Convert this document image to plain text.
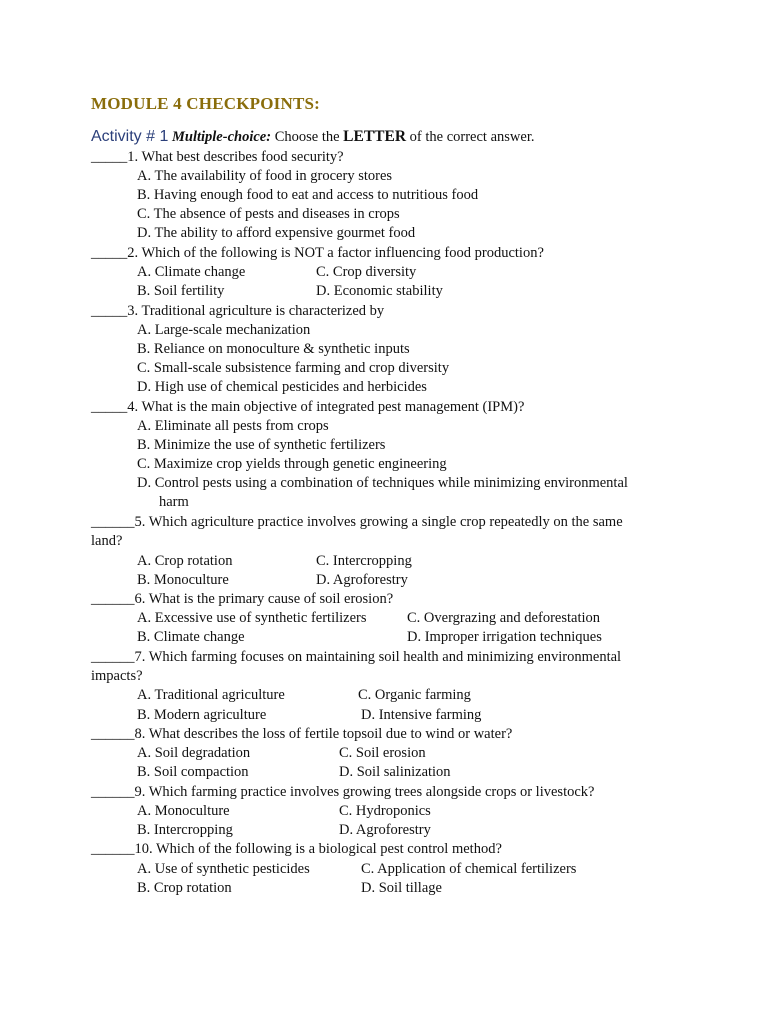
MODULE 4 CHECKPOINTS:
Activity # 1 Multiple-choice: Choose the LETTER of the correct answer.
_____1. What best describes food security?
A. The availability of food in grocery stores
B. Having enough food to eat and access to nutritious food
C. The absence of pests and diseases in crops
D. The ability to afford expensive gourmet food
_____2. Which of the following is NOT a factor influencing food production?
A. Climate change	C. Crop diversity
B. Soil fertility	D. Economic stability
_____3. Traditional agriculture is characterized by
A. Large-scale mechanization
B. Reliance on monoculture & synthetic inputs
C. Small-scale subsistence farming and crop diversity
D. High use of chemical pesticides and herbicides
_____4. What is the main objective of integrated pest management (IPM)?
A. Eliminate all pests from crops
B. Minimize the use of synthetic fertilizers
C. Maximize crop yields through genetic engineering
D. Control pests using a combination of techniques while minimizing environmental
harm
______5. Which agriculture practice involves growing a single crop repeatedly on the same
land?
A. Crop rotation	C. Intercropping
B. Monoculture	D. Agroforestry
______6. What is the primary cause of soil erosion?
A. Excessive use of synthetic fertilizers	C. Overgrazing and deforestation
B. Climate change	D. Improper irrigation techniques
______7. Which farming focuses on maintaining soil health and minimizing environmental
impacts?
A. Traditional agriculture	C. Organic farming
B. Modern agriculture	D. Intensive farming
______8. What describes the loss of fertile topsoil due to wind or water?
A. Soil degradation	C. Soil erosion
B. Soil compaction	D. Soil salinization
______9. Which farming practice involves growing trees alongside crops or livestock?
A. Monoculture	C. Hydroponics
B. Intercropping	D. Agroforestry
______10. Which of the following is a biological pest control method?
A. Use of synthetic pesticides	C. Application of chemical fertilizers
B. Crop rotation	D. Soil tillage
